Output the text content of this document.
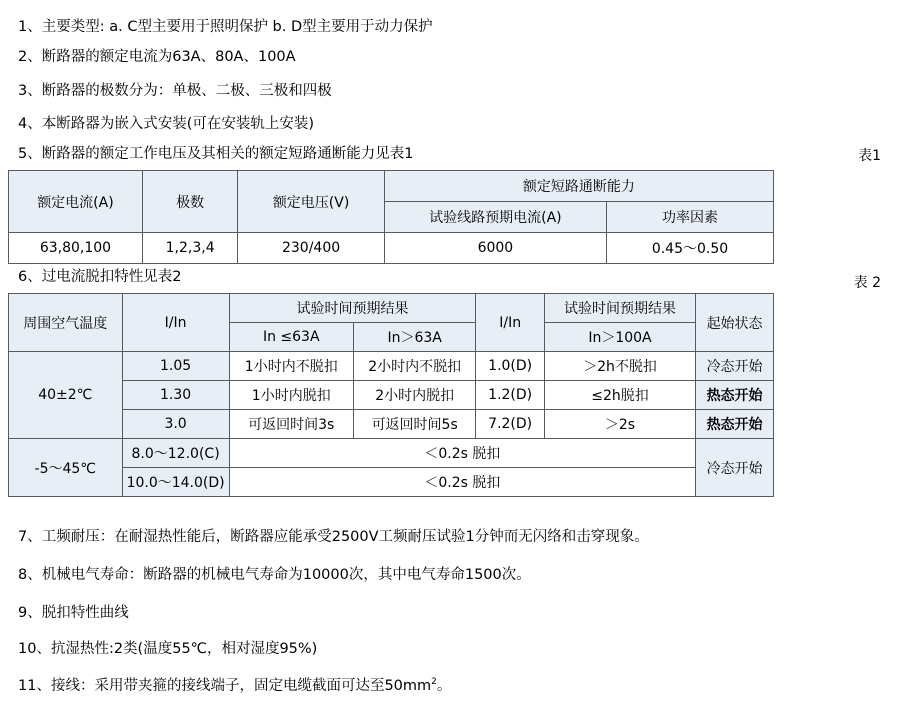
1、主要类型: a. C型主要用于照明保护 b. D型主要用于动力保护
2、断路器的额定电流为63A、80A、100A
3、断路器的极数分为：单极、二极、三极和四极
4、本断路器为嵌入式安装(可在安装轨上安装)
5、断路器的额定工作电压及其相关的额定短路通断能力见表1	表1
额定电流(A)	极数	额定电压(V)	额定短路通断能力	
			试验线路预期电流(A)	功率因素
63,80,100	1,2,3,4	230/400	6000	0.45～0.50
6、过电流脱扣特性见表2	表 2
周围空气温度	I/In	试验时间预期结果		I/In	试验时间预期结果	起始状态
		In ≤63A	In＞63A		In＞100A	
40±2℃	1.05	1小时内不脱扣	2小时内不脱扣	1.0(D)	＞2h不脱扣	冷态开始
	1.30	1小时内脱扣	2小时内脱扣	1.2(D)	≤2h脱扣	热态开始
	3.0	可返回时间3s	可返回时间5s	7.2(D)	＞2s	热态开始
-5～45℃	8.0～12.0(C)	＜0.2s 脱扣				冷态开始
	10.0～14.0(D)	＜0.2s 脱扣				
7、工频耐压：在耐湿热性能后，断路器应能承受2500V工频耐压试验1分钟而无闪络和击穿现象。
8、机械电气寿命：断路器的机械电气寿命为10000次，其中电气寿命1500次。
9、脱扣特性曲线
10、抗湿热性:2类(温度55℃，相对湿度95%)
11、接线：采用带夹箍的接线端子，固定电缆截面可达至$50mm^2$。
